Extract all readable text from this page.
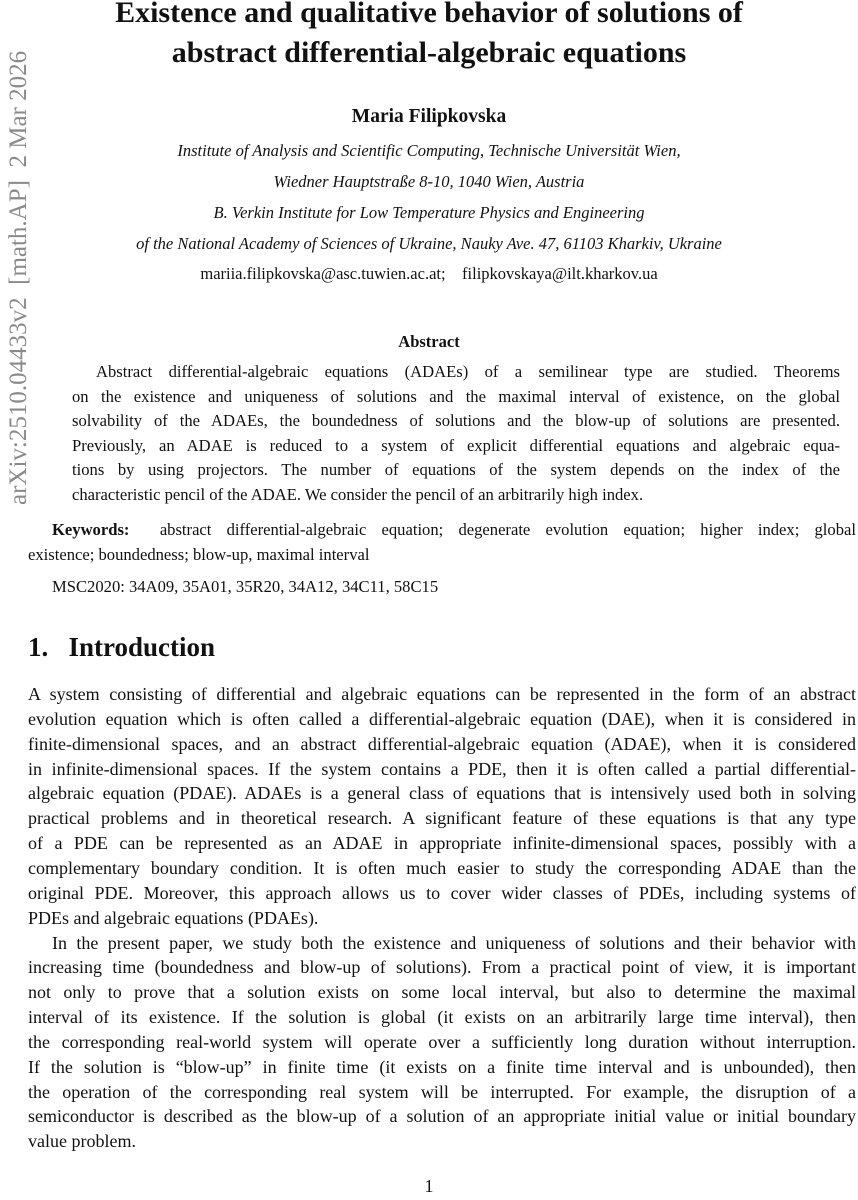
arXiv:2510.04433v2  [math.AP]  2 Mar 2026
Existence and qualitative behavior of solutions of
abstract differential-algebraic equations
Maria Filipkovska
Institute of Analysis and Scientific Computing, Technische Universität Wien,
Wiedner Hauptstraße 8-10, 1040 Wien, Austria
B. Verkin Institute for Low Temperature Physics and Engineering
of the National Academy of Sciences of Ukraine, Nauky Ave. 47, 61103 Kharkiv, Ukraine
mariia.filipkovska@asc.tuwien.ac.at;    filipkovskaya@ilt.kharkov.ua
Abstract
Abstract differential-algebraic equations (ADAEs) of a semilinear type are studied. Theorems
on the existence and uniqueness of solutions and the maximal interval of existence, on the global
solvability of the ADAEs, the boundedness of solutions and the blow-up of solutions are presented.
Previously, an ADAE is reduced to a system of explicit differential equations and algebraic equa-
tions by using projectors. The number of equations of the system depends on the index of the
characteristic pencil of the ADAE. We consider the pencil of an arbitrarily high index.
Keywords: abstract differential-algebraic equation; degenerate evolution equation; higher index; global
existence; boundedness; blow-up, maximal interval
MSC2020: 34A09, 35A01, 35R20, 34A12, 34C11, 58C15
1. Introduction
A system consisting of differential and algebraic equations can be represented in the form of an abstract
evolution equation which is often called a differential-algebraic equation (DAE), when it is considered in
finite-dimensional spaces, and an abstract differential-algebraic equation (ADAE), when it is considered
in infinite-dimensional spaces. If the system contains a PDE, then it is often called a partial differential-
algebraic equation (PDAE). ADAEs is a general class of equations that is intensively used both in solving
practical problems and in theoretical research. A significant feature of these equations is that any type
of a PDE can be represented as an ADAE in appropriate infinite-dimensional spaces, possibly with a
complementary boundary condition. It is often much easier to study the corresponding ADAE than the
original PDE. Moreover, this approach allows us to cover wider classes of PDEs, including systems of
PDEs and algebraic equations (PDAEs).
In the present paper, we study both the existence and uniqueness of solutions and their behavior with
increasing time (boundedness and blow-up of solutions). From a practical point of view, it is important
not only to prove that a solution exists on some local interval, but also to determine the maximal
interval of its existence. If the solution is global (it exists on an arbitrarily large time interval), then
the corresponding real-world system will operate over a sufficiently long duration without interruption.
If the solution is “blow-up” in finite time (it exists on a finite time interval and is unbounded), then
the operation of the corresponding real system will be interrupted. For example, the disruption of a
semiconductor is described as the blow-up of a solution of an appropriate initial value or initial boundary
value problem.
1
